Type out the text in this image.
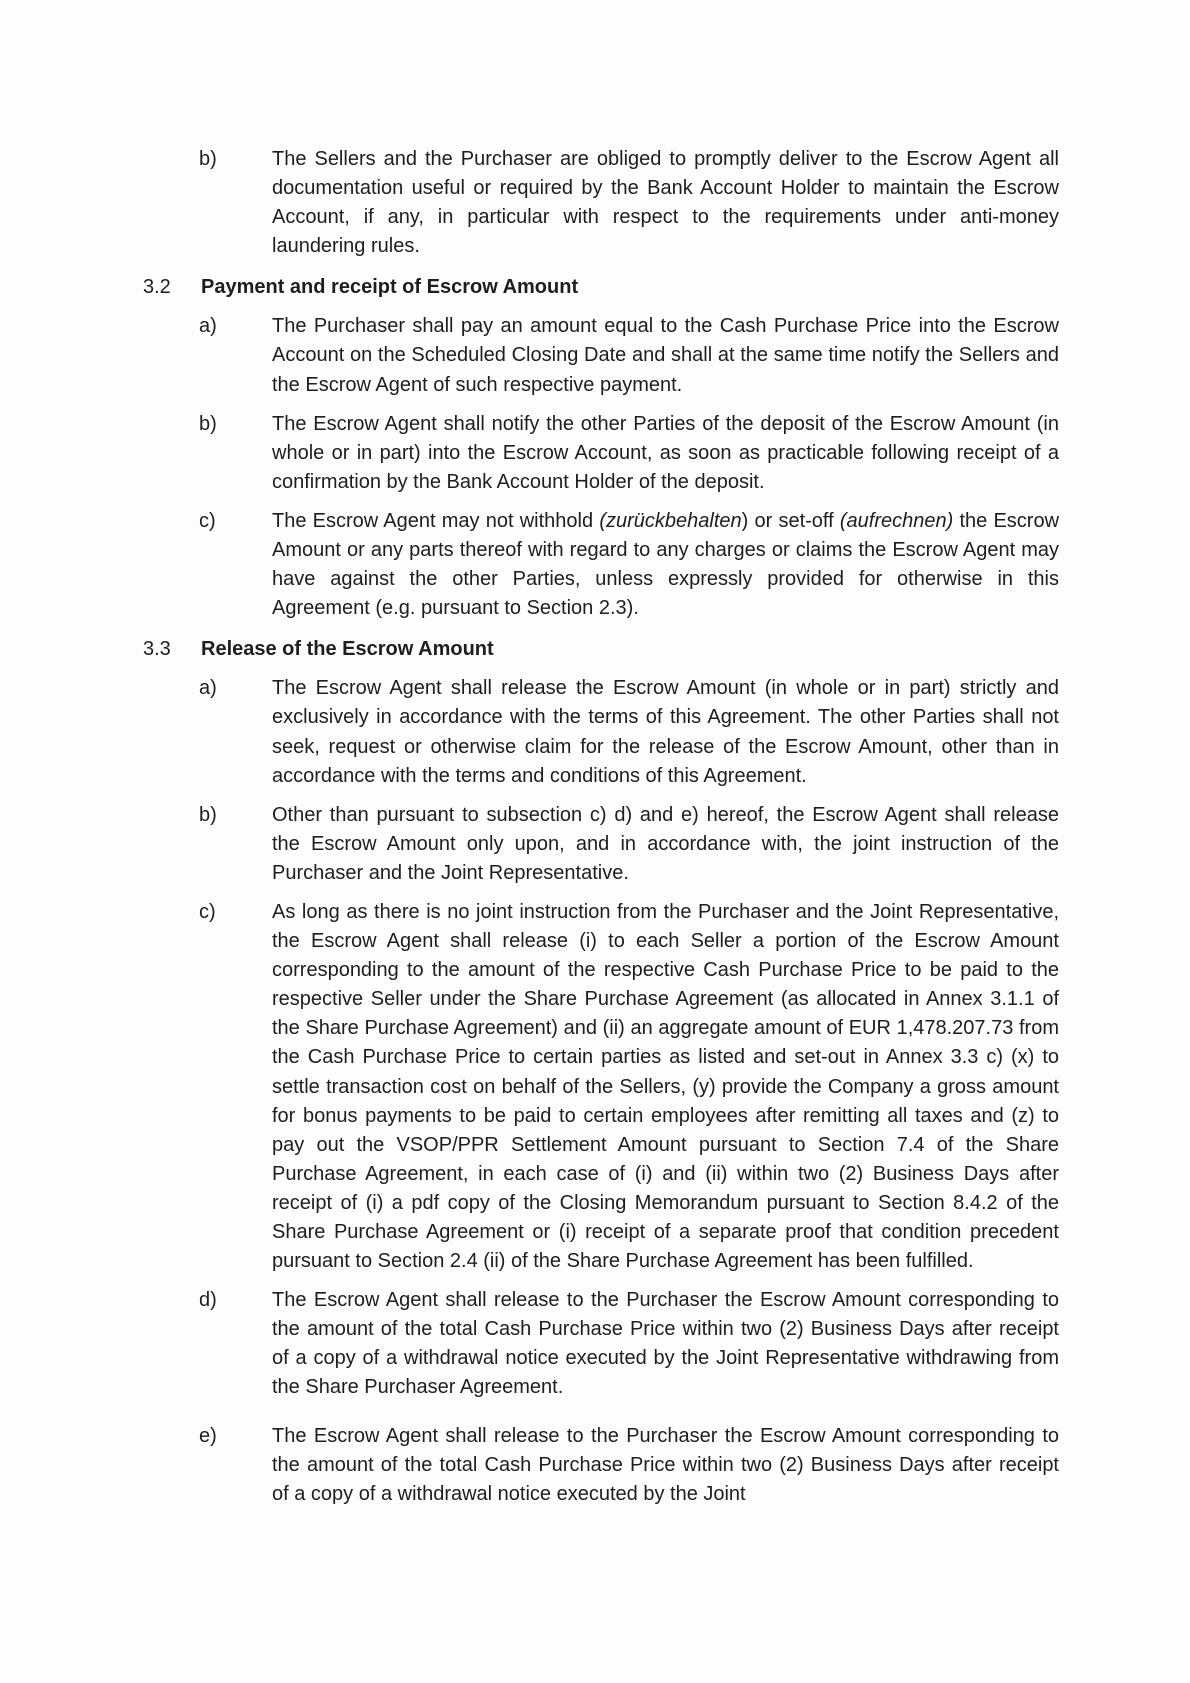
b)	The Sellers and the Purchaser are obliged to promptly deliver to the Escrow Agent all documentation useful or required by the Bank Account Holder to maintain the Escrow Account, if any, in particular with respect to the requirements under anti-money laundering rules.
3.2 Payment and receipt of Escrow Amount
a)	The Purchaser shall pay an amount equal to the Cash Purchase Price into the Escrow Account on the Scheduled Closing Date and shall at the same time notify the Sellers and the Escrow Agent of such respective payment.
b)	The Escrow Agent shall notify the other Parties of the deposit of the Escrow Amount (in whole or in part) into the Escrow Account, as soon as practicable following receipt of a confirmation by the Bank Account Holder of the deposit.
c)	The Escrow Agent may not withhold (zurückbehalten) or set-off (aufrechnen) the Escrow Amount or any parts thereof with regard to any charges or claims the Escrow Agent may have against the other Parties, unless expressly provided for otherwise in this Agreement (e.g. pursuant to Section 2.3).
3.3 Release of the Escrow Amount
a)	The Escrow Agent shall release the Escrow Amount (in whole or in part) strictly and exclusively in accordance with the terms of this Agreement. The other Parties shall not seek, request or otherwise claim for the release of the Escrow Amount, other than in accordance with the terms and conditions of this Agreement.
b)	Other than pursuant to subsection c) d) and e) hereof, the Escrow Agent shall release the Escrow Amount only upon, and in accordance with, the joint instruction of the Purchaser and the Joint Representative.
c)	As long as there is no joint instruction from the Purchaser and the Joint Representative, the Escrow Agent shall release (i) to each Seller a portion of the Escrow Amount corresponding to the amount of the respective Cash Purchase Price to be paid to the respective Seller under the Share Purchase Agreement (as allocated in Annex 3.1.1 of the Share Purchase Agreement) and (ii) an aggregate amount of EUR 1,478.207.73 from the Cash Purchase Price to certain parties as listed and set-out in Annex 3.3 c) (x) to settle transaction cost on behalf of the Sellers, (y) provide the Company a gross amount for bonus payments to be paid to certain employees after remitting all taxes and (z) to pay out the VSOP/PPR Settlement Amount pursuant to Section 7.4 of the Share Purchase Agreement, in each case of (i) and (ii) within two (2) Business Days after receipt of (i) a pdf copy of the Closing Memorandum pursuant to Section 8.4.2 of the Share Purchase Agreement or (i) receipt of a separate proof that condition precedent pursuant to Section 2.4 (ii) of the Share Purchase Agreement has been fulfilled.
d)	The Escrow Agent shall release to the Purchaser the Escrow Amount corresponding to the amount of the total Cash Purchase Price within two (2) Business Days after receipt of a copy of a withdrawal notice executed by the Joint Representative withdrawing from the Share Purchaser Agreement.
e)	The Escrow Agent shall release to the Purchaser the Escrow Amount corresponding to the amount of the total Cash Purchase Price within two (2) Business Days after receipt of a copy of a withdrawal notice executed by the Joint
